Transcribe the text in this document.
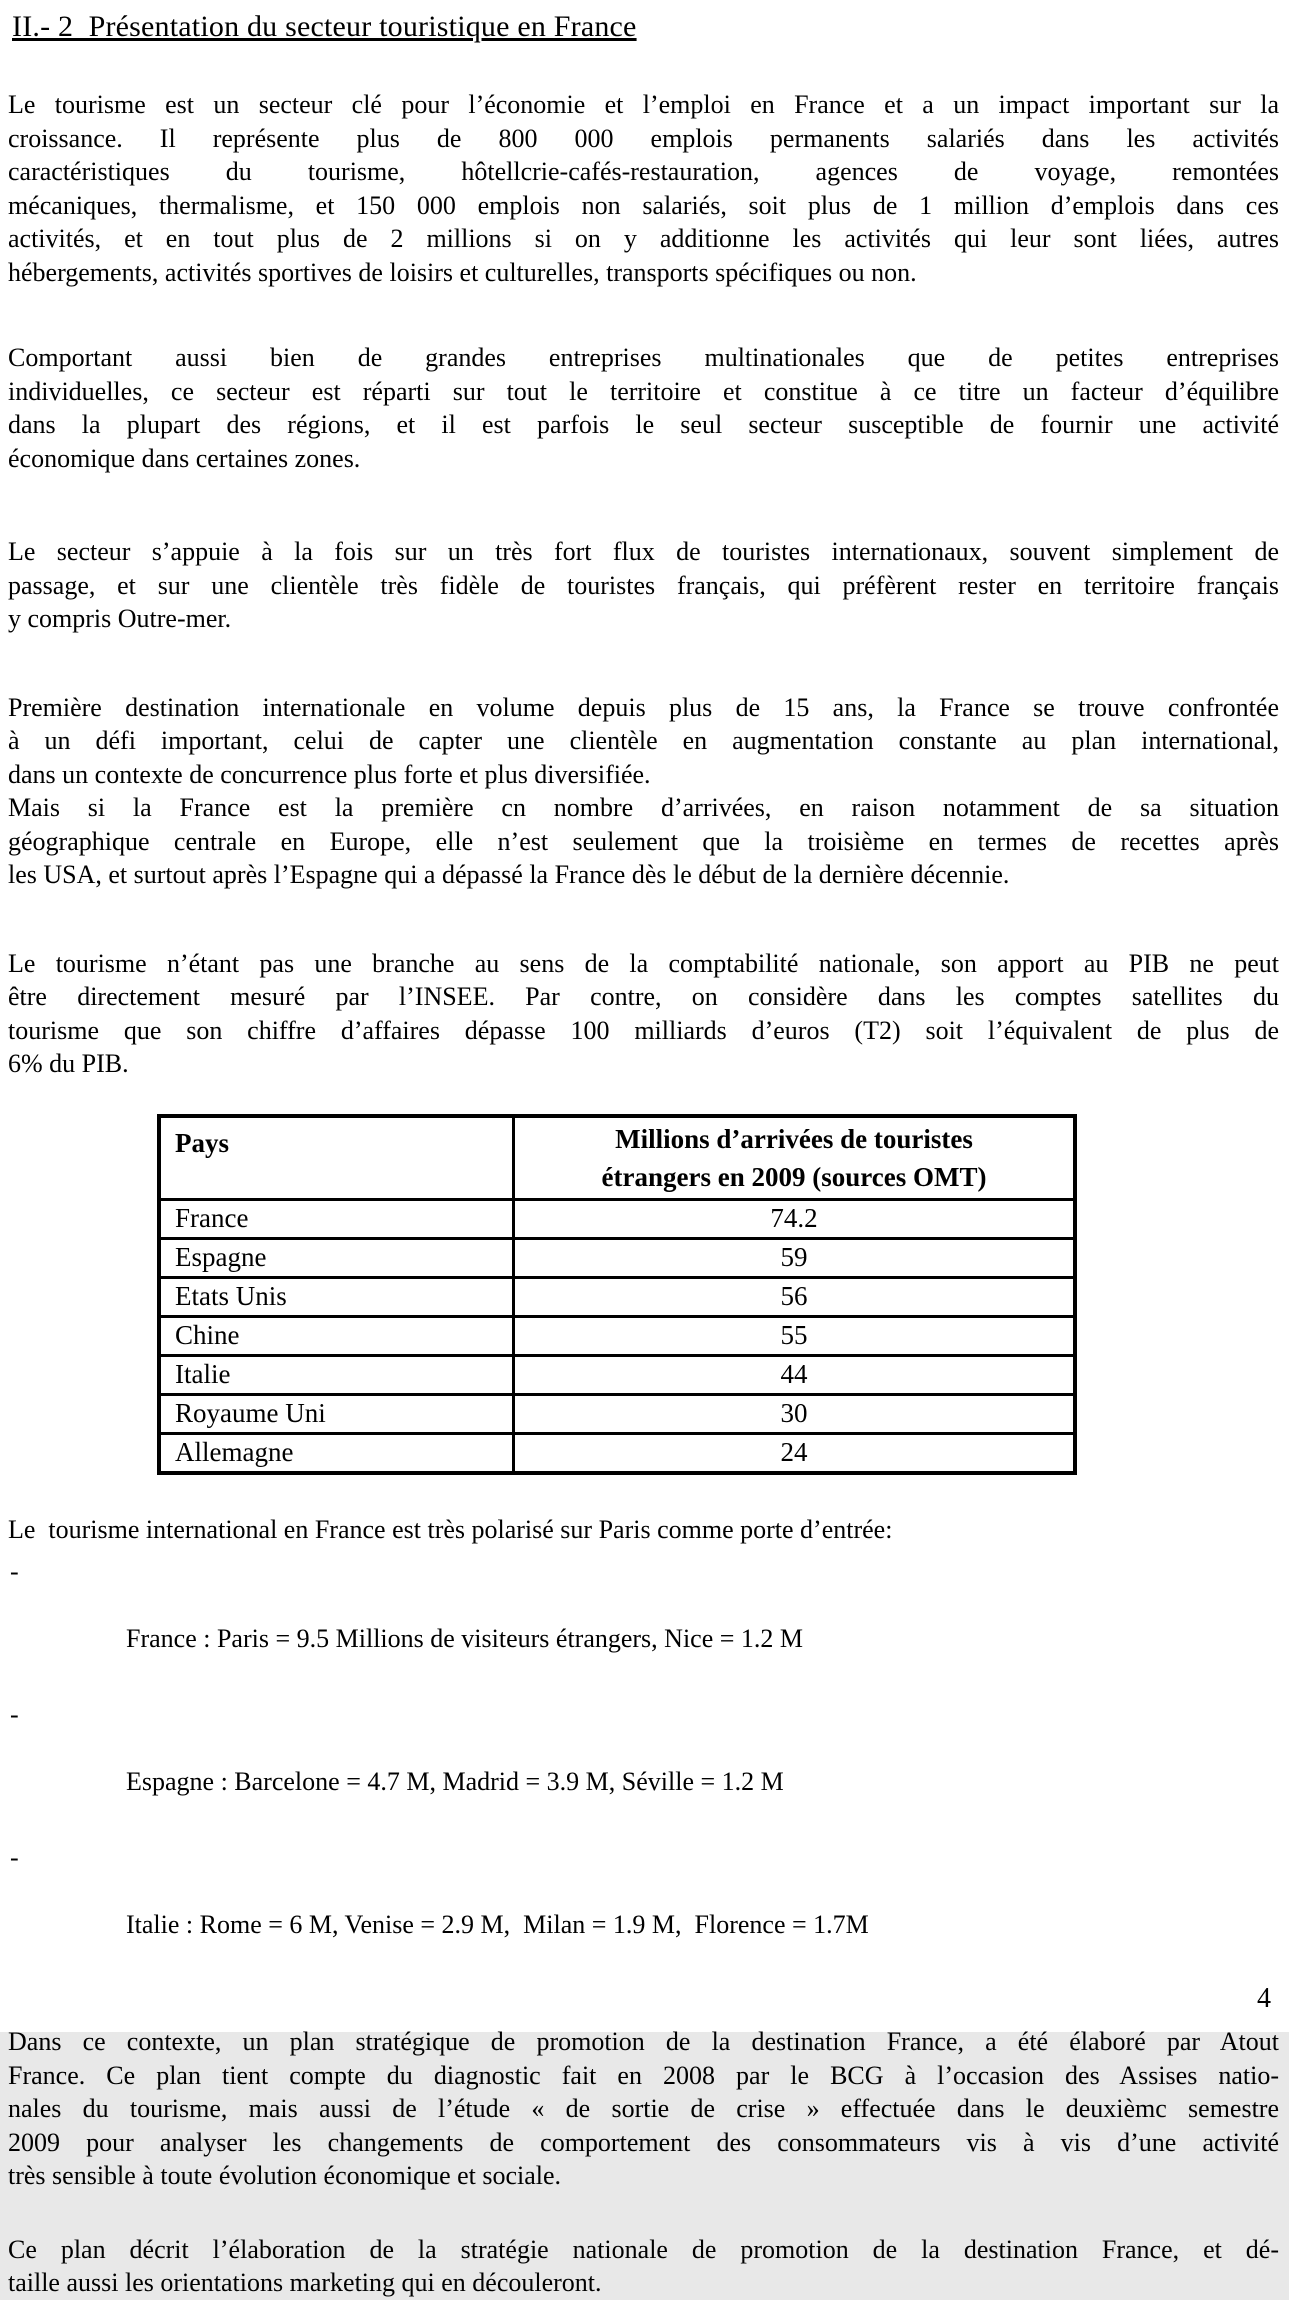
II.- 2  Présentation du secteur touristique en France
Le tourisme est un secteur clé pour l’économie et l’emploi en France et a un impact important sur la
croissance. Il représente plus de 800 000 emplois permanents salariés dans les activités
caractéristiques du tourisme, hôtellcrie-cafés-restauration, agences de voyage, remontées
mécaniques, thermalisme, et 150 000 emplois non salariés, soit plus de 1 million d’emplois dans ces
activités, et en tout plus de 2 millions si on y additionne les activités qui leur sont liées, autres
hébergements, activités sportives de loisirs et culturelles, transports spécifiques ou non.
Comportant aussi bien de grandes entreprises multinationales que de petites entreprises
individuelles, ce secteur est réparti sur tout le territoire et constitue à ce titre un facteur d’équilibre
dans la plupart des régions, et il est parfois le seul secteur susceptible de fournir une activité
économique dans certaines zones.
Le secteur s’appuie à la fois sur un très fort flux de touristes internationaux, souvent simplement de
passage, et sur une clientèle très fidèle de touristes français, qui préfèrent rester en territoire français
y compris Outre-mer.
Première destination internationale en volume depuis plus de 15 ans, la France se trouve confrontée
à un défi important, celui de capter une clientèle en augmentation constante au plan international,
dans un contexte de concurrence plus forte et plus diversifiée.
Mais si la France est la première cn nombre d’arrivées, en raison notamment de sa situation
géographique centrale en Europe, elle n’est seulement que la troisième en termes de recettes après
les USA, et surtout après l’Espagne qui a dépassé la France dès le début de la dernière décennie.
Le tourisme n’étant pas une branche au sens de la comptabilité nationale, son apport au PIB ne peut
être directement mesuré par l’INSEE. Par contre, on considère dans les comptes satellites du
tourisme que son chiffre d’affaires dépasse 100 milliards d’euros (T2) soit l’équivalent de plus de
6% du PIB.
Pays	Millions d’arrivées de touristes
étrangers en 2009 (sources OMT)

France	74.2
Espagne	59
Etats Unis	56
Chine	55
Italie	44
Royaume Uni	30
Allemagne	24
Le  tourisme international en France est très polarisé sur Paris comme porte d’entrée:

-

France : Paris = 9.5 Millions de visiteurs étrangers, Nice = 1.2 M

-

Espagne : Barcelone = 4.7 M, Madrid = 3.9 M, Séville = 1.2 M

-

Italie : Rome = 6 M, Venise = 2.9 M,  Milan = 1.9 M,  Florence = 1.7M

Dans ce contexte, un plan stratégique de promotion de la destination France, a été élaboré par Atout
France. Ce plan tient compte du diagnostic fait en 2008 par le BCG à l’occasion des Assises natio-
nales du tourisme, mais aussi de l’étude « de sortie de crise » effectuée dans le deuxièmc semestre
2009 pour analyser les changements de comportement des consommateurs vis à vis d’une activité
très sensible à toute évolution économique et sociale.
Ce plan décrit l’élaboration de la stratégie nationale de promotion de la destination France, et dé-
taille aussi les orientations marketing qui en découleront.
4
